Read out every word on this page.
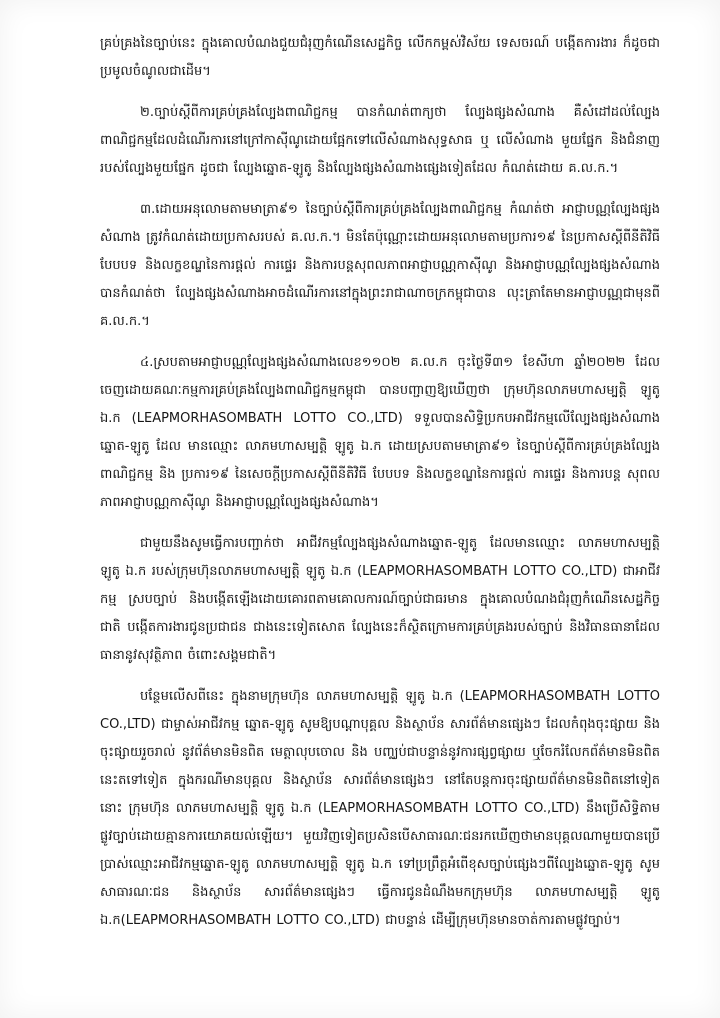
គ្រប់គ្រងនៃច្បាប់នេះ ក្នុងគោលបំណងជួយជំរុញកំណើនសេដ្ឋកិច្ច លើកកម្ពស់វិស័យ ទេសចរណ៍ បង្កើតការងារ ក៏ដូចជាប្រមូលចំណូលជាដើម។

២.ច្បាប់ស្តីពីការគ្រប់គ្រងល្បែងពាណិជ្ជកម្ម បានកំណត់ពាក្យថា ល្បែងផ្សងសំណាង គឺសំដៅដល់ល្បែងពាណិជ្ជកម្មដែលដំណើរការនៅក្រៅកាស៊ីណូដោយផ្អែកទៅលើសំណាងសុទ្ធសាធ ឬ លើសំណាង មួយផ្នែក និងជំនាញរបស់ល្បែងមួយផ្នែក ដូចជា ល្បែងឆ្នោត-ឡូតូ និងល្បែងផ្សងសំណាងផ្សេងទៀតដែល កំណត់ដោយ គ.ល.ក.។

៣.ដោយអនុលោមតាមមាត្រា៩១ នៃច្បាប់ស្តីពីការគ្រប់គ្រងល្បែងពាណិជ្ជកម្ម កំណត់ថា អាជ្ញាបណ្ណល្បែងផ្សងសំណាង ត្រូវកំណត់ដោយប្រកាសរបស់ គ.ល.ក.។ មិនតែប៉ុណ្ណោះដោយអនុលោមតាមប្រការ១៩ នៃប្រកាសស្តីពីនីតិវិធី បែបបទ និងលក្ខខណ្ឌនៃការផ្តល់ ការផ្ទេរ និងការបន្តសុពលភាពអាជ្ញាបណ្ណកាស៊ីណូ និងអាជ្ញាបណ្ណល្បែងផ្សងសំណាង បានកំណត់ថា ល្បែងផ្សងសំណាងអាចដំណើរការនៅក្នុងព្រះរាជាណាចក្រកម្ពុជាបាន លុះត្រាតែមានអាជ្ញាបណ្ណជាមុនពី គ.ល.ក.។

៤.ស្របតាមអាជ្ញាបណ្ណល្បែងផ្សងសំណាងលេខ១១០២ គ.ល.ក ចុះថ្ងៃទី៣១ ខែសីហា ឆ្នាំ២០២២ ដែលចេញដោយគណៈកម្មការគ្រប់គ្រងល្បែងពាណិជ្ជកម្មកម្ពុជា បានបញ្ជាញឱ្យឃើញថា ក្រុមហ៊ុនលាភមហាសម្បត្តិ ឡូតូ ឯ.ក (LEAPMORHASOMBATH LOTTO CO.,LTD) ទទួលបានសិទ្ធិប្រកបអាជីវកម្មលើល្បែងផ្សងសំណាងឆ្នោត-ឡូតូ ដែល មានឈ្មោះ លាភមហាសម្បត្តិ ឡូតូ ឯ.ក ដោយស្របតាមមាត្រា៩១ នៃច្បាប់ស្តីពីការគ្រប់គ្រងល្បែងពាណិជ្ជកម្ម និង ប្រការ១៩ នៃសេចក្តីប្រកាសស្តីពីនីតិវិធី បែបបទ និងលក្ខខណ្ឌនៃការផ្តល់ ការផ្ទេរ និងការបន្ត សុពលភាពអាជ្ញាបណ្ណកាស៊ីណូ និងអាជ្ញាបណ្ណល្បែងផ្សងសំណាង។

ជាមួយនឹងសូមធ្វើការបញ្ជាក់ថា អាជីវកម្មល្បែងផ្សងសំណាងឆ្នោត-ឡូតូ ដែលមានឈ្មោះ លាភមហាសម្បត្តិ ឡូតូ ឯ.ក របស់ក្រុមហ៊ុនលាភមហាសម្បត្តិ ឡូតូ ឯ.ក (LEAPMORHASOMBATH LOTTO CO.,LTD) ជាអាជីវកម្ម ស្របច្បាប់ និងបង្កើតឡើងដោយគោរពតាមគោលការណ៍ច្បាប់ជាធរមាន ក្នុងគោលបំណងជំរុញកំណើនសេដ្ឋកិច្ចជាតិ បង្កើតការងារជូនប្រជាជន ជាងនេះទៀតសោត ល្បែងនេះក៏ស្ថិតក្រោមការគ្រប់គ្រងរបស់ច្បាប់ និងវិធានធានាដែលធានានូវសុវត្ថិភាព ចំពោះសង្គមជាតិ។

បន្ថែមលើសពីនេះ ក្នុងនាមក្រុមហ៊ុន លាភមហាសម្បត្តិ ឡូតូ ឯ.ក (LEAPMORHASOMBATH LOTTO CO.,LTD) ជាម្ចាស់អាជីវកម្ម ឆ្នោត-ឡូតូ សូមឱ្យបណ្តាបុគ្គល និងស្ថាប័ន សារព័ត៌មានផ្សេងៗ ដែលកំពុងចុះផ្សាយ និង ចុះផ្សាយរួចរាល់ នូវព័ត៌មានមិនពិត មេត្តាលុបចោល និង បញ្ឈប់ជាបន្ទាន់នូវការផ្សព្វផ្សាយ ឬចែករំលែកព័ត៌មានមិនពិតនេះតទៅទៀត ក្នុងករណីមានបុគ្គល និងស្ថាប័ន សារព័ត៌មានផ្សេងៗ នៅតែបន្តការចុះផ្សាយព័ត៌មានមិនពិតនៅទៀត នោះ ក្រុមហ៊ុន លាភមហាសម្បត្តិ ឡូតូ ឯ.ក (LEAPMORHASOMBATH LOTTO CO.,LTD) នឹងប្រើសិទ្ធិតាមផ្លូវច្បាប់ដោយគ្មានការយោគយល់ឡើយ។ មួយវិញទៀតប្រសិនបើសាធារណៈជនរកឃើញថាមានបុគ្គលណាមួយបានប្រើប្រាស់ឈ្មោះអាជីវកម្មឆ្នោត-ឡូតូ លាភមហាសម្បត្តិ ឡូតូ ឯ.ក ទៅប្រព្រឹត្តអំពើខុសច្បាប់ផ្សេងៗពីល្បែងឆ្នោត-ឡូតូ សូមសាធារណៈជន និងស្ថាប័ន សារព័ត៌មានផ្សេងៗ ធ្វើការជូនដំណឹងមកក្រុមហ៊ុន លាភមហាសម្បត្តិ ឡូតូ ឯ.ក(LEAPMORHASOMBATH LOTTO CO.,LTD) ជាបន្ទាន់ ដើម្បីក្រុមហ៊ុនមានចាត់ការតាមផ្លូវច្បាប់។
